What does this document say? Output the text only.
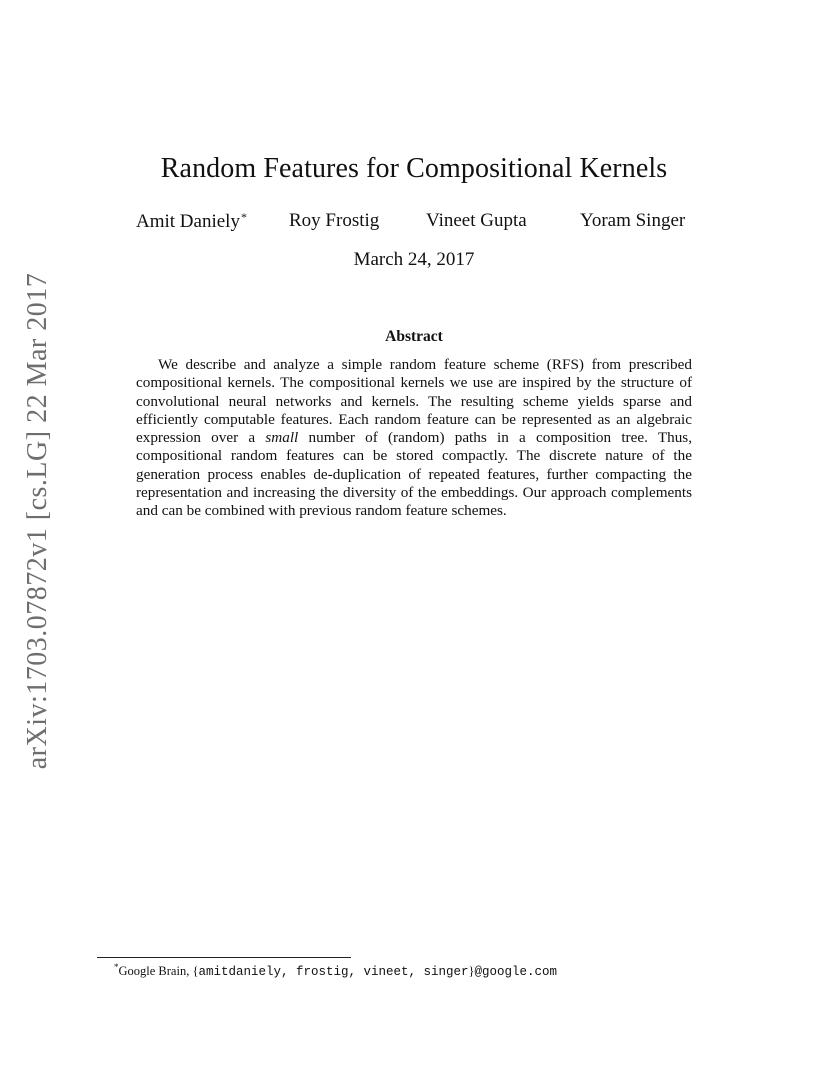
arXiv:1703.07872v1 [cs.LG] 22 Mar 2017
Random Features for Compositional Kernels
Amit Daniely* Roy Frostig Vineet Gupta	Yoram Singer
March 24, 2017
Abstract

We describe and analyze a simple random feature scheme (RFS) from prescribed compositional kernels. The compositional kernels we use are inspired by the structure of convolutional neural networks and kernels. The resulting scheme yields sparse and efficiently computable features. Each random feature can be represented as an algebraic expression over a small number of (random) paths in a composition tree. Thus, compositional random features can be stored compactly. The discrete nature of the generation process enables de-duplication of repeated features, further compacting the representation and increasing the diversity of the embeddings. Our approach complements and can be combined with previous random feature schemes.

*Google Brain, {amitdaniely, frostig, vineet, singer}@google.com
